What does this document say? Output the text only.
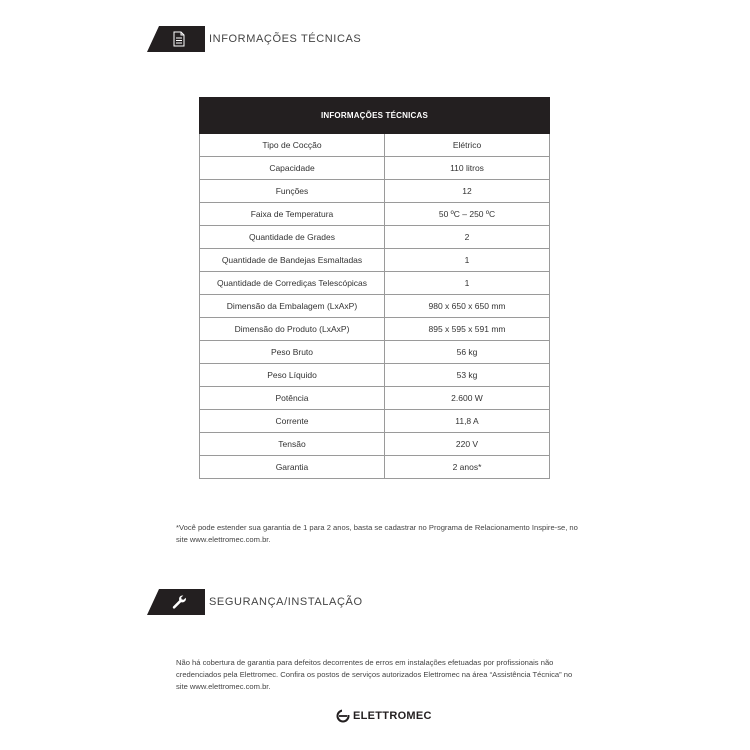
INFORMAÇÕES TÉCNICAS
INFORMAÇÕES TÉCNICAS	
Tipo de Cocção	Elétrico
Capacidade	110 litros
Funções	12
Faixa de Temperatura	50 ºC – 250 ºC
Quantidade de Grades	2
Quantidade de Bandejas Esmaltadas	1
Quantidade de Corrediças Telescópicas	1
Dimensão da Embalagem (LxAxP)	980 x 650 x 650 mm
Dimensão do Produto (LxAxP)	895 x 595 x 591 mm
Peso Bruto	56 kg
Peso Líquido	53 kg
Potência	2.600 W
Corrente	11,8 A
Tensão	220 V
Garantia	2 anos*
*Você pode estender sua garantia de 1 para 2 anos, basta se cadastrar no Programa de Relacionamento Inspire-se, no site www.elettromec.com.br.
SEGURANÇA/INSTALAÇÃO
Não há cobertura de garantia para defeitos decorrentes de erros em instalações efetuadas por profissionais não credenciados pela Elettromec. Confira os postos de serviços autorizados Elettromec na área “Assistência Técnica” no site www.elettromec.com.br.
ELETTROMEC
